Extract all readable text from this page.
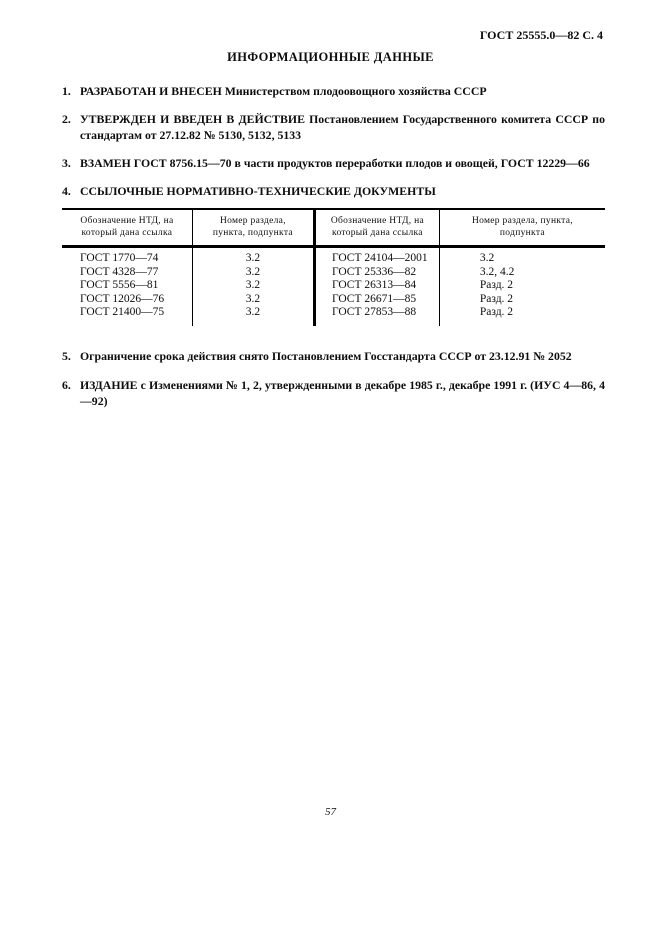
ГОСТ 25555.0—82 С. 4
ИНФОРМАЦИОННЫЕ ДАННЫЕ
1. РАЗРАБОТАН И ВНЕСЕН Министерством плодоовощного хозяйства СССР
2. УТВЕРЖДЕН И ВВЕДЕН В ДЕЙСТВИЕ Постановлением Государственного комитета СССР по стандартам от 27.12.82 № 5130, 5132, 5133
3. ВЗАМЕН ГОСТ 8756.15—70 в части продуктов переработки плодов и овощей, ГОСТ 12229—66
4. ССЫЛОЧНЫЕ НОРМАТИВНО-ТЕХНИЧЕСКИЕ ДОКУМЕНТЫ
Обозначение НТД, на который дана ссылка	Номер раздела, пункта, подпункта	Обозначение НТД, на который дана ссылка	Номер раздела, пункта, подпункта
ГОСТ 1770—74	3.2	ГОСТ 24104—2001	3.2
ГОСТ 4328—77	3.2	ГОСТ 25336—82	3.2, 4.2
ГОСТ 5556—81	3.2	ГОСТ 26313—84	Разд. 2
ГОСТ 12026—76	3.2	ГОСТ 26671—85	Разд. 2
ГОСТ 21400—75	3.2	ГОСТ 27853—88	Разд. 2
5. Ограничение срока действия снято Постановлением Госстандарта СССР от 23.12.91 № 2052
6. ИЗДАНИЕ с Изменениями № 1, 2, утвержденными в декабре 1985 г., декабре 1991 г. (ИУС 4—86, 4—92)
57
